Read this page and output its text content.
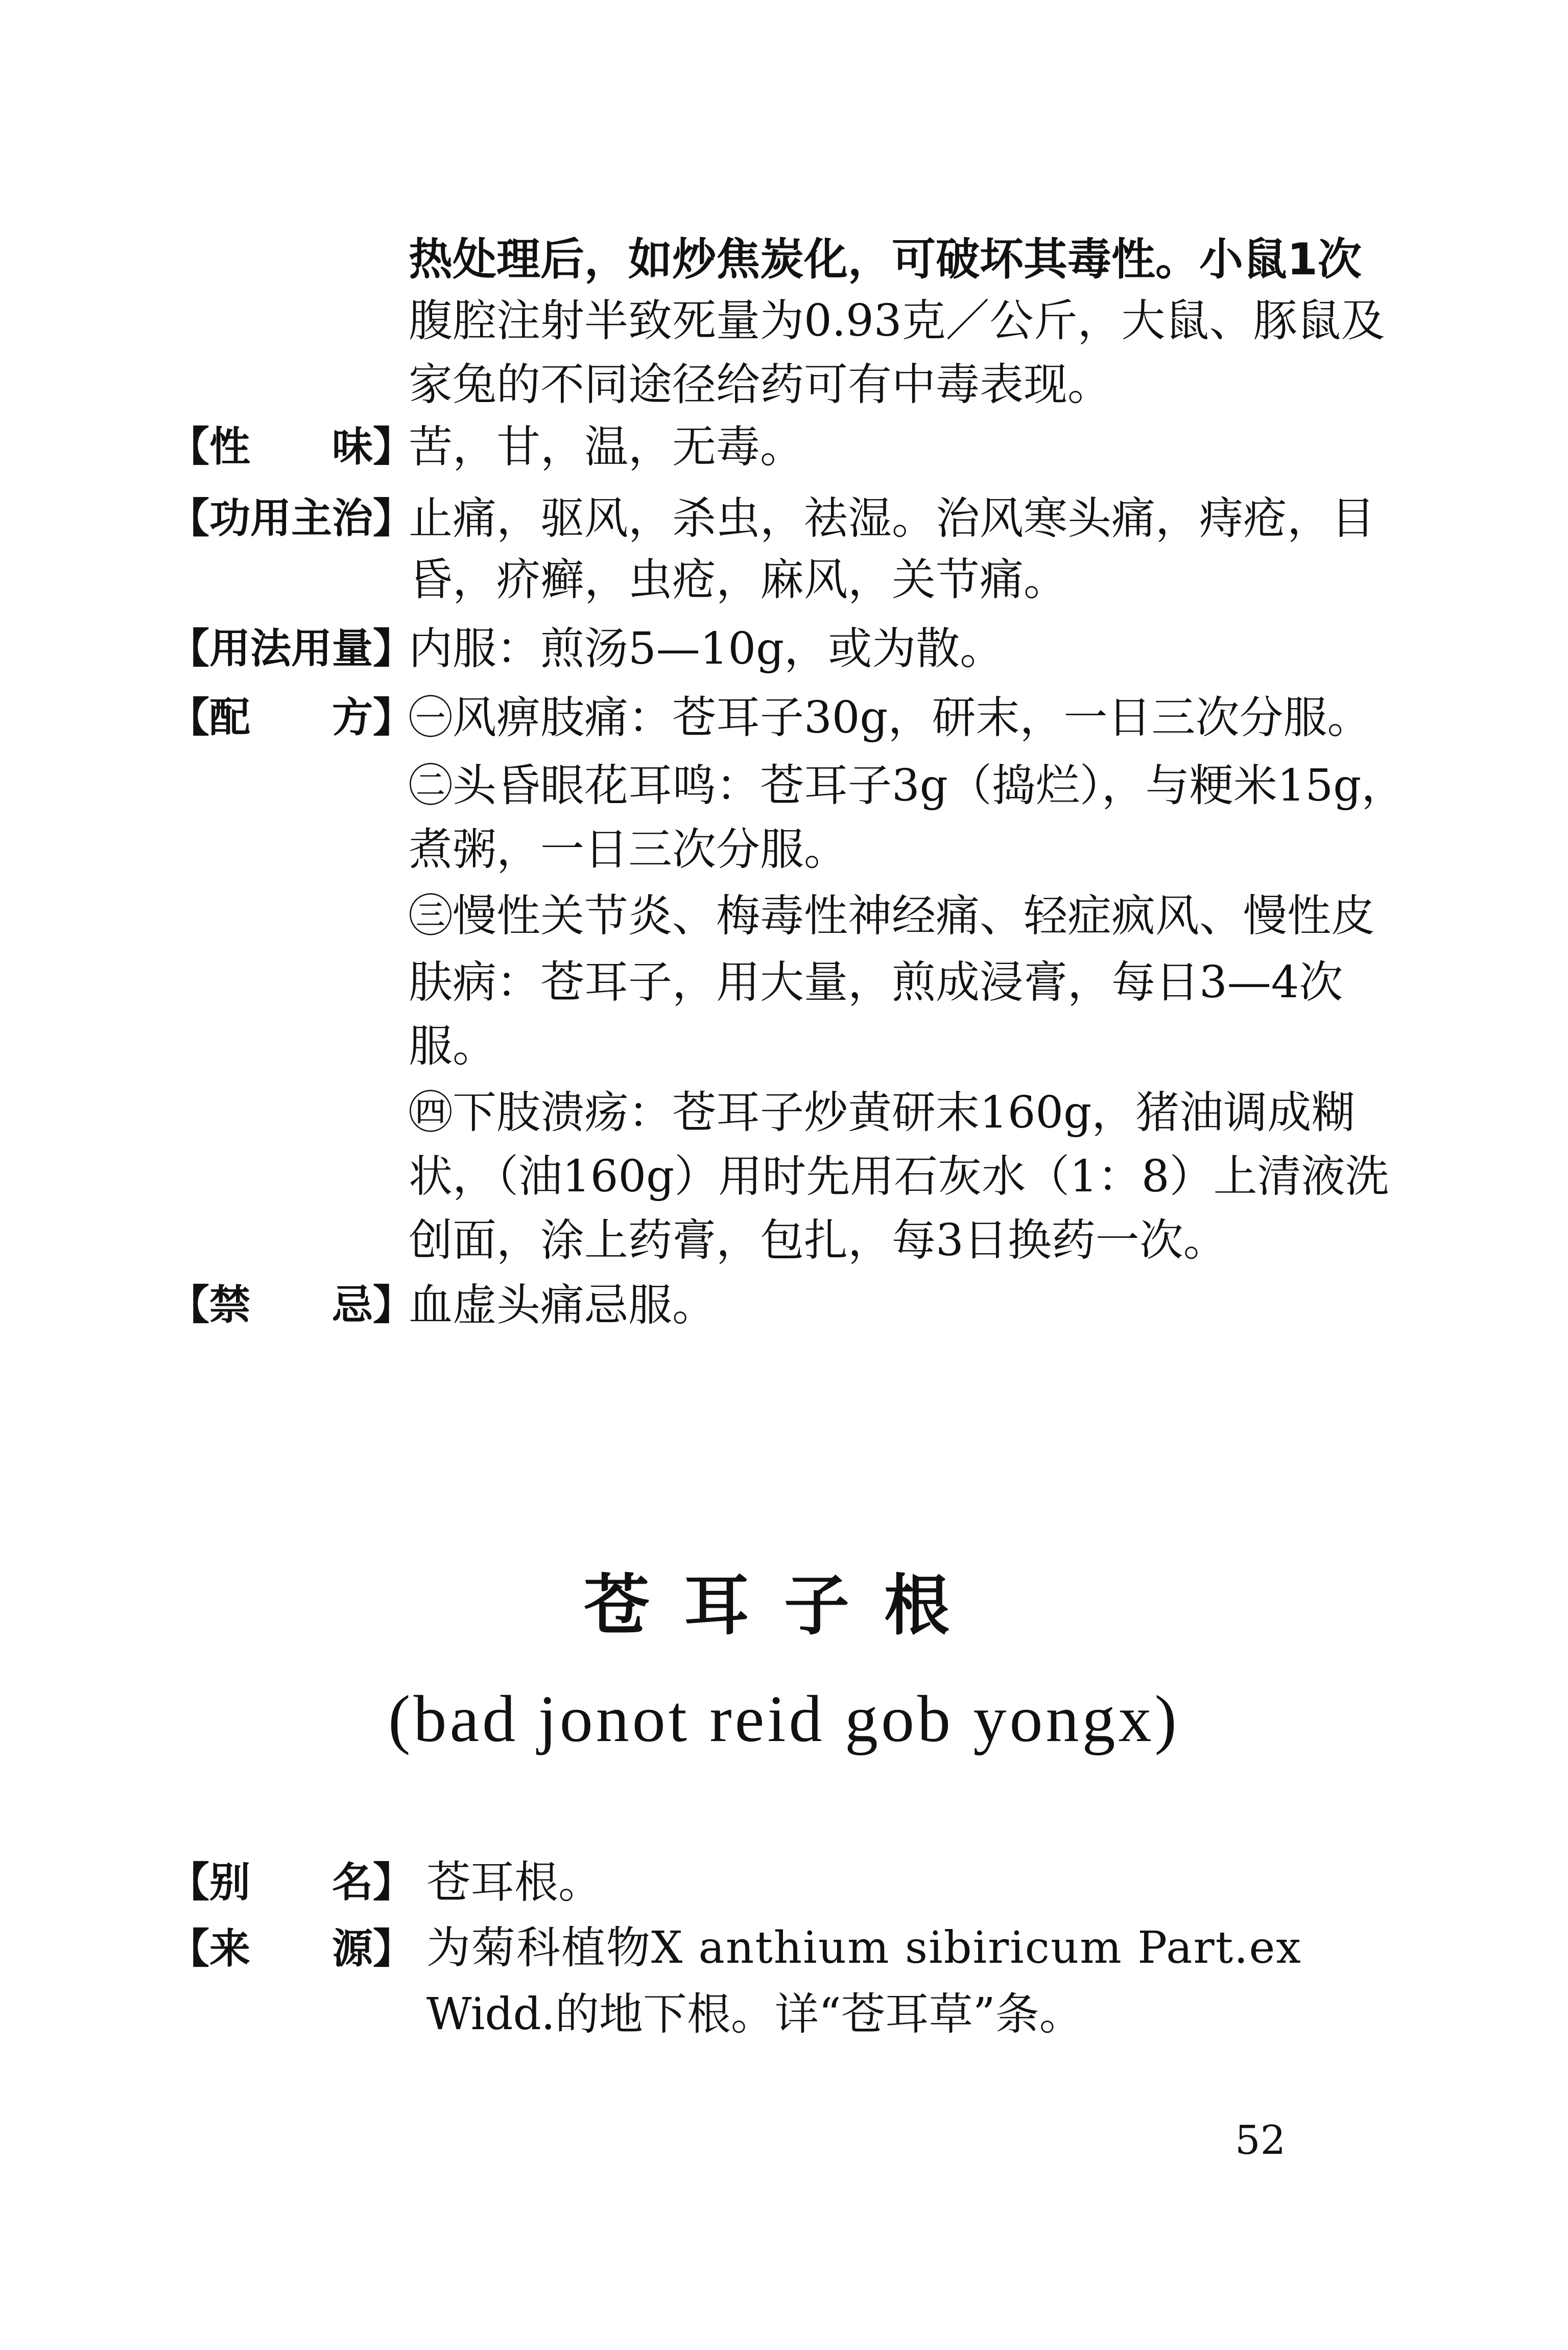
热处理后，如炒焦炭化，可破坏其毒性。小鼠1次
腹腔注射半致死量为0.93克／公斤，大鼠、豚鼠及
家兔的不同途径给药可有中毒表现。
【性　　味】
苦，甘，温，无毒。
【功用主治】
止痛，驱风，杀虫，祛湿。治风寒头痛，痔疮，目
昏，疥癣，虫疮，麻风，关节痛。
【用法用量】
内服：煎汤5—10g，或为散。
【配　　方】
㊀风痹肢痛：苍耳子30g，研末，一日三次分服。
㊁头昏眼花耳鸣：苍耳子3g（捣烂），与粳米15g，
煮粥，一日三次分服。
㊂慢性关节炎、梅毒性神经痛、轻症疯风、慢性皮
肤病：苍耳子，用大量，煎成浸膏，每日3—4次
服。
㊃下肢溃疡：苍耳子炒黄研末160g，猪油调成糊
状，（油160g）用时先用石灰水（1：8）上清液洗
创面，涂上药膏，包扎，每3日换药一次。
【禁　　忌】
血虚头痛忌服。
苍耳子根
(bad jonot reid gob yongx)
【别　　名】 苍耳根。
【来　　源】 为菊科植物X anthium sibiricum Part.ex
Widd.的地下根。详“苍耳草”条。
52
